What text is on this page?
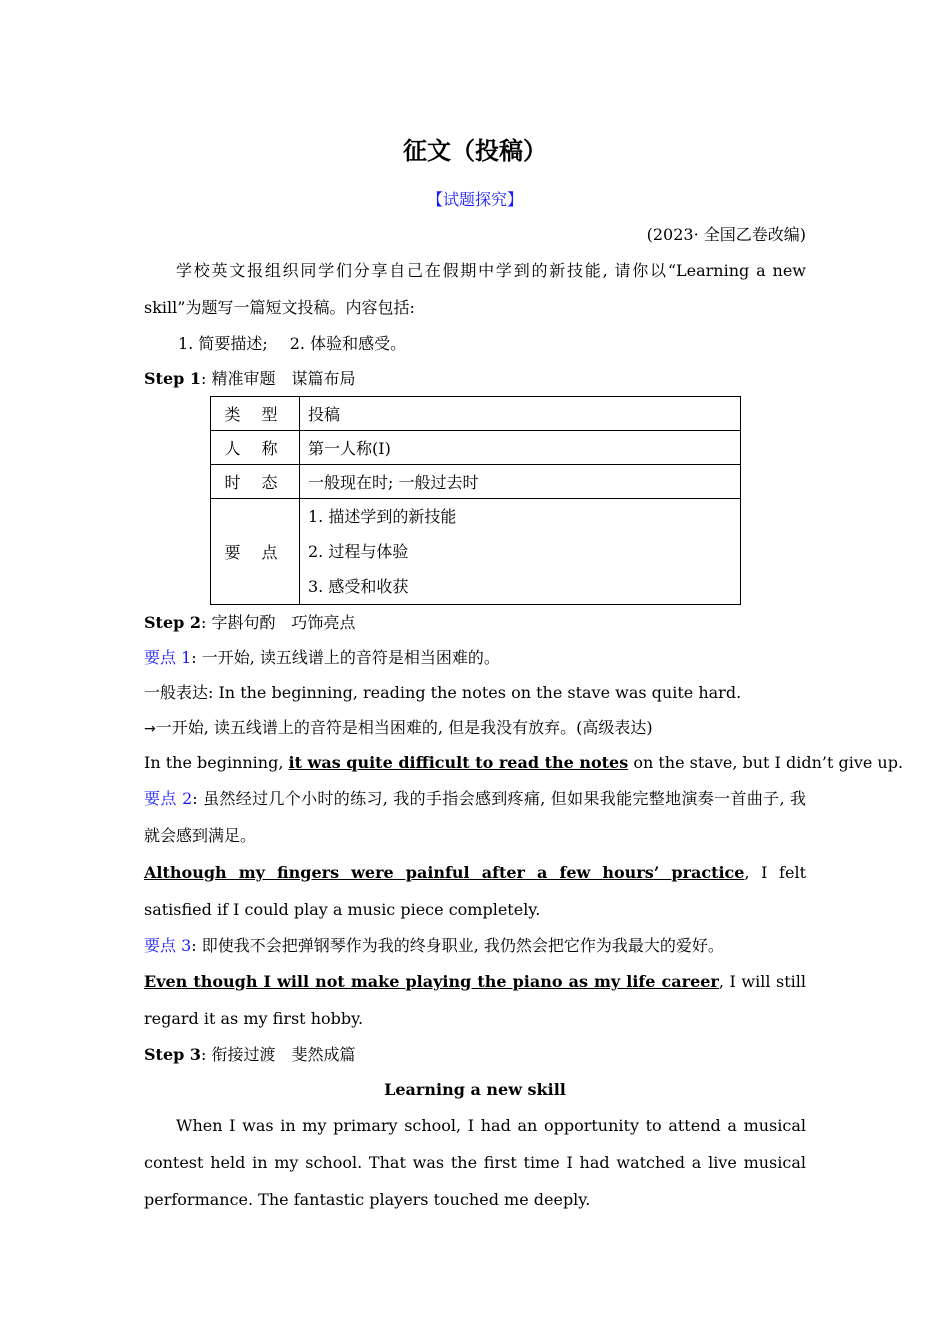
征文（投稿）
【试题探究】
(2023· 全国乙卷改编)
学校英文报组织同学们分享自己在假期中学到的新技能, 请你以“Learning a new skill”为题写一篇短文投稿。内容包括:
1. 简要描述; 2. 体验和感受。
Step 1: 精准审题　谋篇布局
类 型	投稿
人 称	第一人称(I)
时 态	一般现在时; 一般过去时
要 点	1. 描述学到的新技能
2. 过程与体验
3. 感受和收获
Step 2: 字斟句酌　巧饰亮点
要点 1: 一开始, 读五线谱上的音符是相当困难的。
一般表达: In the beginning, reading the notes on the stave was quite hard.
→一开始, 读五线谱上的音符是相当困难的, 但是我没有放弃。(高级表达)
In the beginning, it was quite difficult to read the notes on the stave, but I didn’t give up.
要点 2: 虽然经过几个小时的练习, 我的手指会感到疼痛, 但如果我能完整地演奏一首曲子, 我就会感到满足。
Although my fingers were painful after a few hours’ practice, I felt satisfied if I could play a music piece completely.
要点 3: 即使我不会把弹钢琴作为我的终身职业, 我仍然会把它作为我最大的爱好。
Even though I will not make playing the piano as my life career, I will still regard it as my first hobby.
Step 3: 衔接过渡　斐然成篇
Learning a new skill
When I was in my primary school, I had an opportunity to attend a musical contest held in my school. That was the first time I had watched a live musical performance. The fantastic players touched me deeply.
